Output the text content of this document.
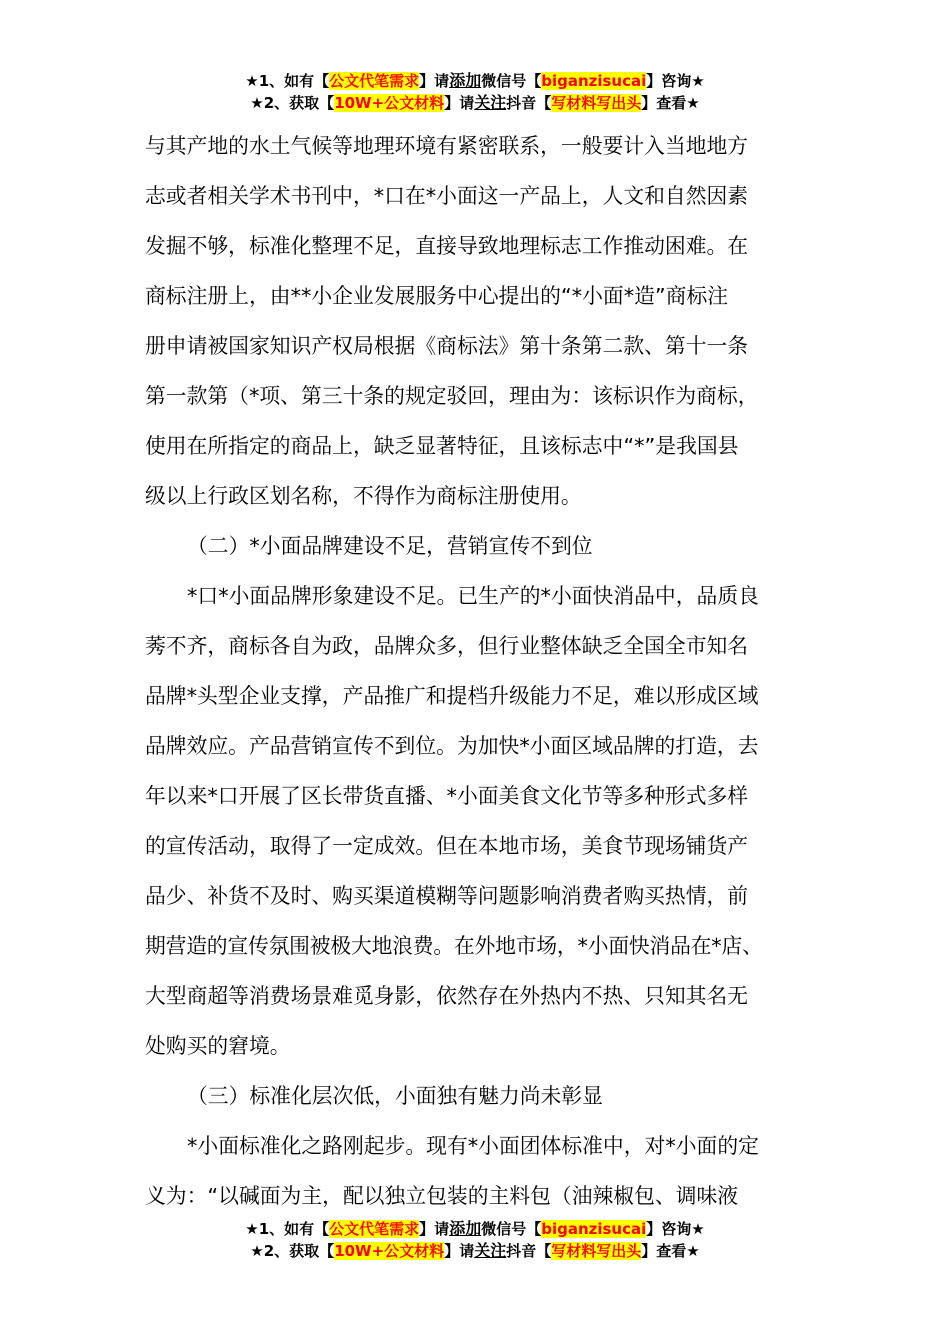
★1、如有【公文代笔需求】请添加微信号【biganzisucai】咨询★
★2、获取【10W+公文材料】请关注抖音【写材料写出头】查看★

与其产地的水土气候等地理环境有紧密联系，一般要计入当地地方

志或者相关学术书刊中，*口在*小面这一产品上，人文和自然因素

发掘不够，标准化整理不足，直接导致地理标志工作推动困难。在

商标注册上，由**小企业发展服务中心提出的“*小面*造”商标注

册申请被国家知识产权局根据《商标法》第十条第二款、第十一条

第一款第（*项、第三十条的规定驳回，理由为：该标识作为商标，

使用在所指定的商品上，缺乏显著特征，且该标志中“*”是我国县

级以上行政区划名称，不得作为商标注册使用。

（二）*小面品牌建设不足，营销宣传不到位

*口*小面品牌形象建设不足。已生产的*小面快消品中，品质良

莠不齐，商标各自为政，品牌众多，但行业整体缺乏全国全市知名

品牌*头型企业支撑，产品推广和提档升级能力不足，难以形成区域

品牌效应。产品营销宣传不到位。为加快*小面区域品牌的打造，去

年以来*口开展了区长带货直播、*小面美食文化节等多种形式多样

的宣传活动，取得了一定成效。但在本地市场，美食节现场铺货产

品少、补货不及时、购买渠道模糊等问题影响消费者购买热情，前

期营造的宣传氛围被极大地浪费。在外地市场，*小面快消品在*店、

大型商超等消费场景难觅身影，依然存在外热内不热、只知其名无

处购买的窘境。

（三）标准化层次低，小面独有魅力尚未彰显

*小面标准化之路刚起步。现有*小面团体标准中，对*小面的定

义为：“以碱面为主，配以独立包装的主料包（油辣椒包、调味液

★1、如有【公文代笔需求】请添加微信号【biganzisucai】咨询★
★2、获取【10W+公文材料】请关注抖音【写材料写出头】查看★
